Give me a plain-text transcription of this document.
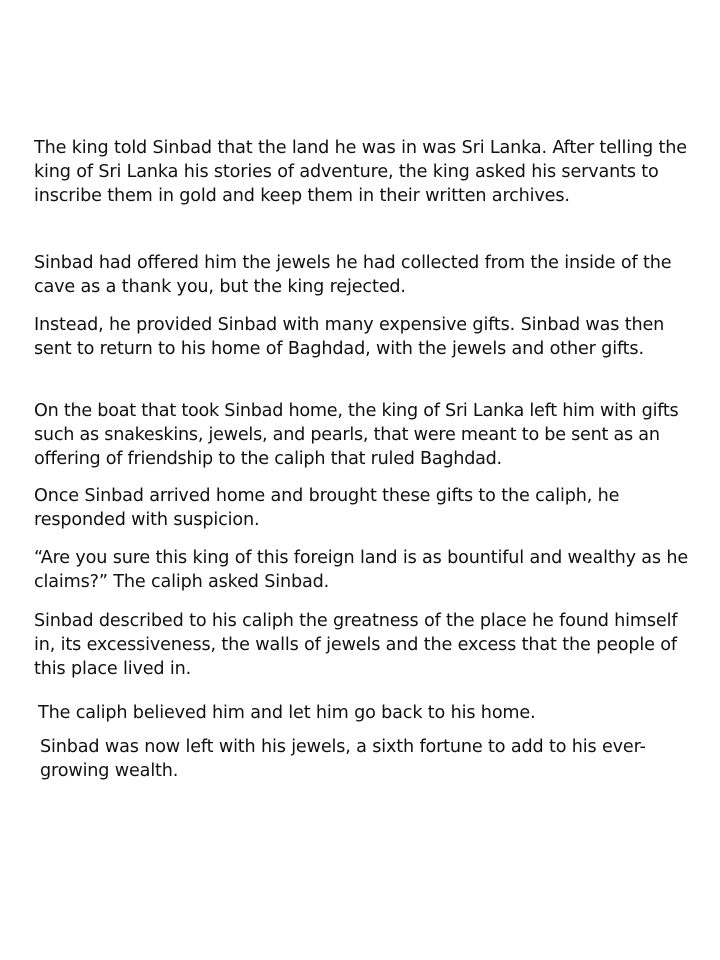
The king told Sinbad that the land he was in was Sri Lanka. After telling the king of Sri Lanka his stories of adventure, the king asked his servants to inscribe them in gold and keep them in their written archives.

Sinbad had offered him the jewels he had collected from the inside of the cave as a thank you, but the king rejected.

Instead, he provided Sinbad with many expensive gifts. Sinbad was then sent to return to his home of Baghdad, with the jewels and other gifts.

On the boat that took Sinbad home, the king of Sri Lanka left him with gifts such as snakeskins, jewels, and pearls, that were meant to be sent as an offering of friendship to the caliph that ruled Baghdad.

Once Sinbad arrived home and brought these gifts to the caliph, he responded with suspicion.

“Are you sure this king of this foreign land is as bountiful and wealthy as he claims?” The caliph asked Sinbad.

Sinbad described to his caliph the greatness of the place he found himself in, its excessiveness, the walls of jewels and the excess that the people of this place lived in.

The caliph believed him and let him go back to his home.

Sinbad was now left with his jewels, a sixth fortune to add to his ever-growing wealth.
